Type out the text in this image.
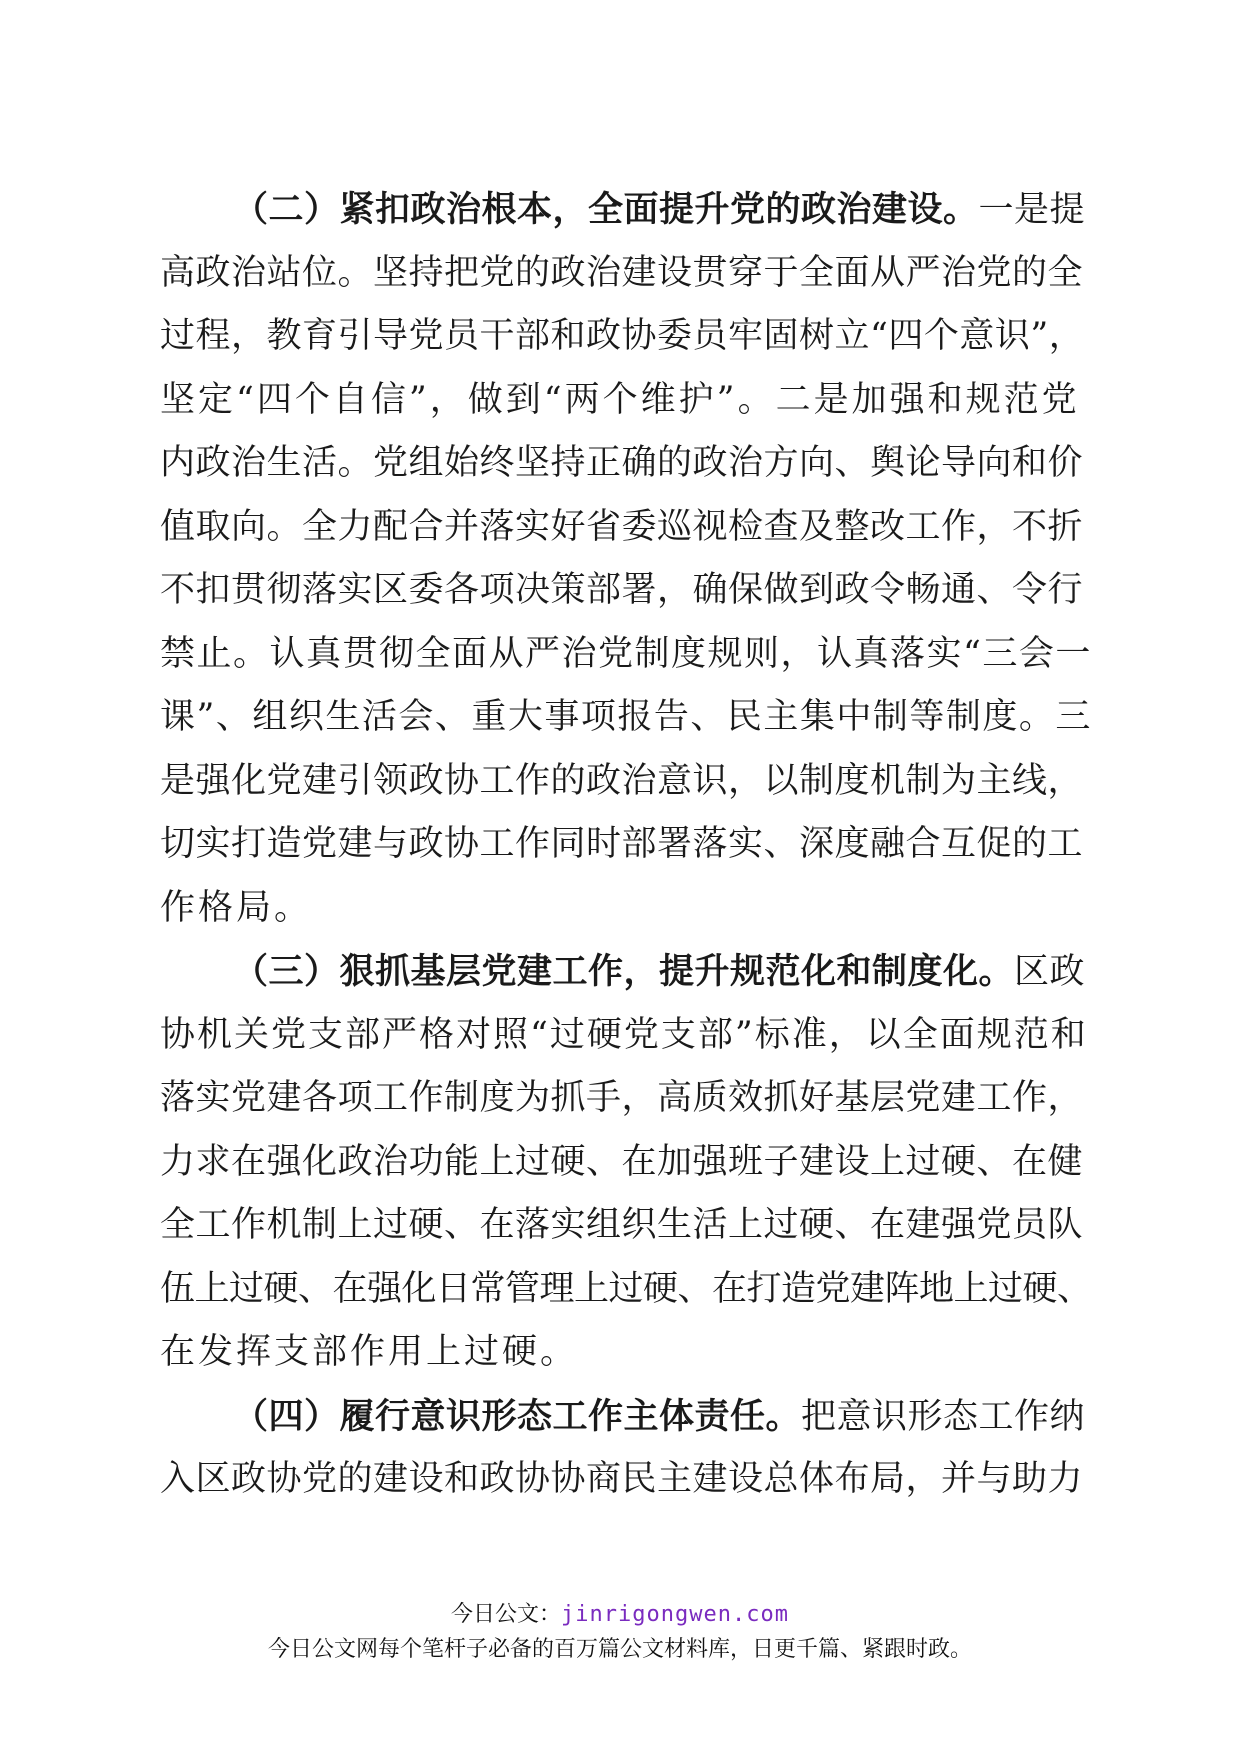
（二）紧扣政治根本，全面提升党的政治建设。一是提
高政治站位。坚持把党的政治建设贯穿于全面从严治党的全
过程，教育引导党员干部和政协委员牢固树立“四个意识”，
坚定“四个自信”，做到“两个维护”。二是加强和规范党
内政治生活。党组始终坚持正确的政治方向、舆论导向和价
值取向。全力配合并落实好省委巡视检查及整改工作，不折
不扣贯彻落实区委各项决策部署，确保做到政令畅通、令行
禁止。认真贯彻全面从严治党制度规则，认真落实“三会一
课”、组织生活会、重大事项报告、民主集中制等制度。三
是强化党建引领政协工作的政治意识，以制度机制为主线，
切实打造党建与政协工作同时部署落实、深度融合互促的工
作格局。
（三）狠抓基层党建工作，提升规范化和制度化。区政
协机关党支部严格对照“过硬党支部”标准，以全面规范和
落实党建各项工作制度为抓手，高质效抓好基层党建工作，
力求在强化政治功能上过硬、在加强班子建设上过硬、在健
全工作机制上过硬、在落实组织生活上过硬、在建强党员队
伍上过硬、在强化日常管理上过硬、在打造党建阵地上过硬、
在发挥支部作用上过硬。
（四）履行意识形态工作主体责任。把意识形态工作纳
入区政协党的建设和政协协商民主建设总体布局，并与助力
今日公文：jinrigongwen.com
今日公文网每个笔杆子必备的百万篇公文材料库，日更千篇、紧跟时政。
